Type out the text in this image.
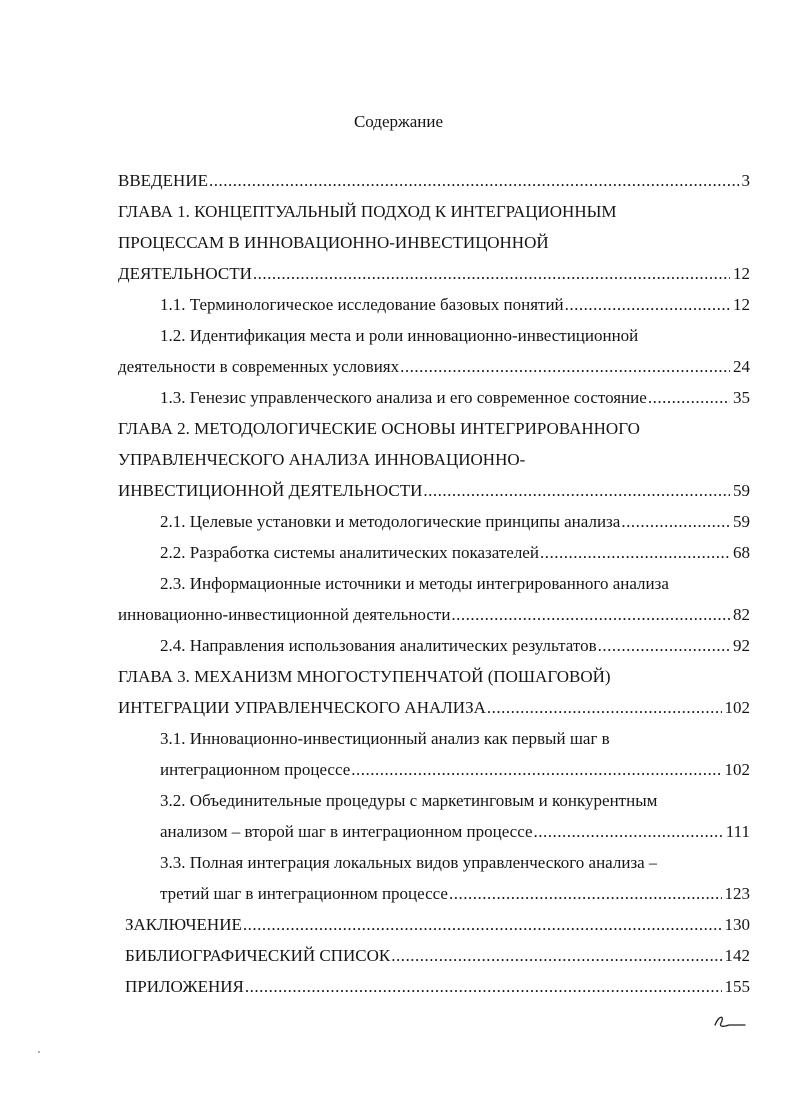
Содержание
ВВЕДЕНИЕ .....	3
ГЛАВА 1. КОНЦЕПТУАЛЬНЫЙ ПОДХОД К ИНТЕГРАЦИОННЫМ
ПРОЦЕССАМ В ИННОВАЦИОННО-ИНВЕСТИЦОННОЙ
ДЕЯТЕЛЬНОСТИ .....	12
1.1. Терминологическое исследование базовых понятий .....	12
1.2. Идентификация места и роли инновационно-инвестиционной
деятельности в современных условиях .....	24
1.3. Генезис управленческого анализа и его современное состояние .....	35
ГЛАВА 2. МЕТОДОЛОГИЧЕСКИЕ ОСНОВЫ ИНТЕГРИРОВАННОГО
УПРАВЛЕНЧЕСКОГО АНАЛИЗА ИННОВАЦИОННО-
ИНВЕСТИЦИОННОЙ ДЕЯТЕЛЬНОСТИ .....	59
2.1. Целевые установки и методологические принципы анализа .....	59
2.2. Разработка системы аналитических показателей .....	68
2.3. Информационные источники и методы интегрированного анализа
инновационно-инвестиционной деятельности .....	82
2.4. Направления использования аналитических результатов .....	92
ГЛАВА 3. МЕХАНИЗМ МНОГОСТУПЕНЧАТОЙ (ПОШАГОВОЙ)
ИНТЕГРАЦИИ УПРАВЛЕНЧЕСКОГО АНАЛИЗА .....	102
3.1. Инновационно-инвестиционный анализ как первый шаг в
интеграционном процессе .....	102
3.2. Объединительные процедуры с маркетинговым и конкурентным
анализом – второй шаг в интеграционном процессе .....	111
3.3. Полная интеграция локальных видов управленческого анализа –
третий шаг в интеграционном процессе .....	123
ЗАКЛЮЧЕНИЕ .....	130
БИБЛИОГРАФИЧЕСКИЙ СПИСОК .....	142
ПРИЛОЖЕНИЯ .....	155
